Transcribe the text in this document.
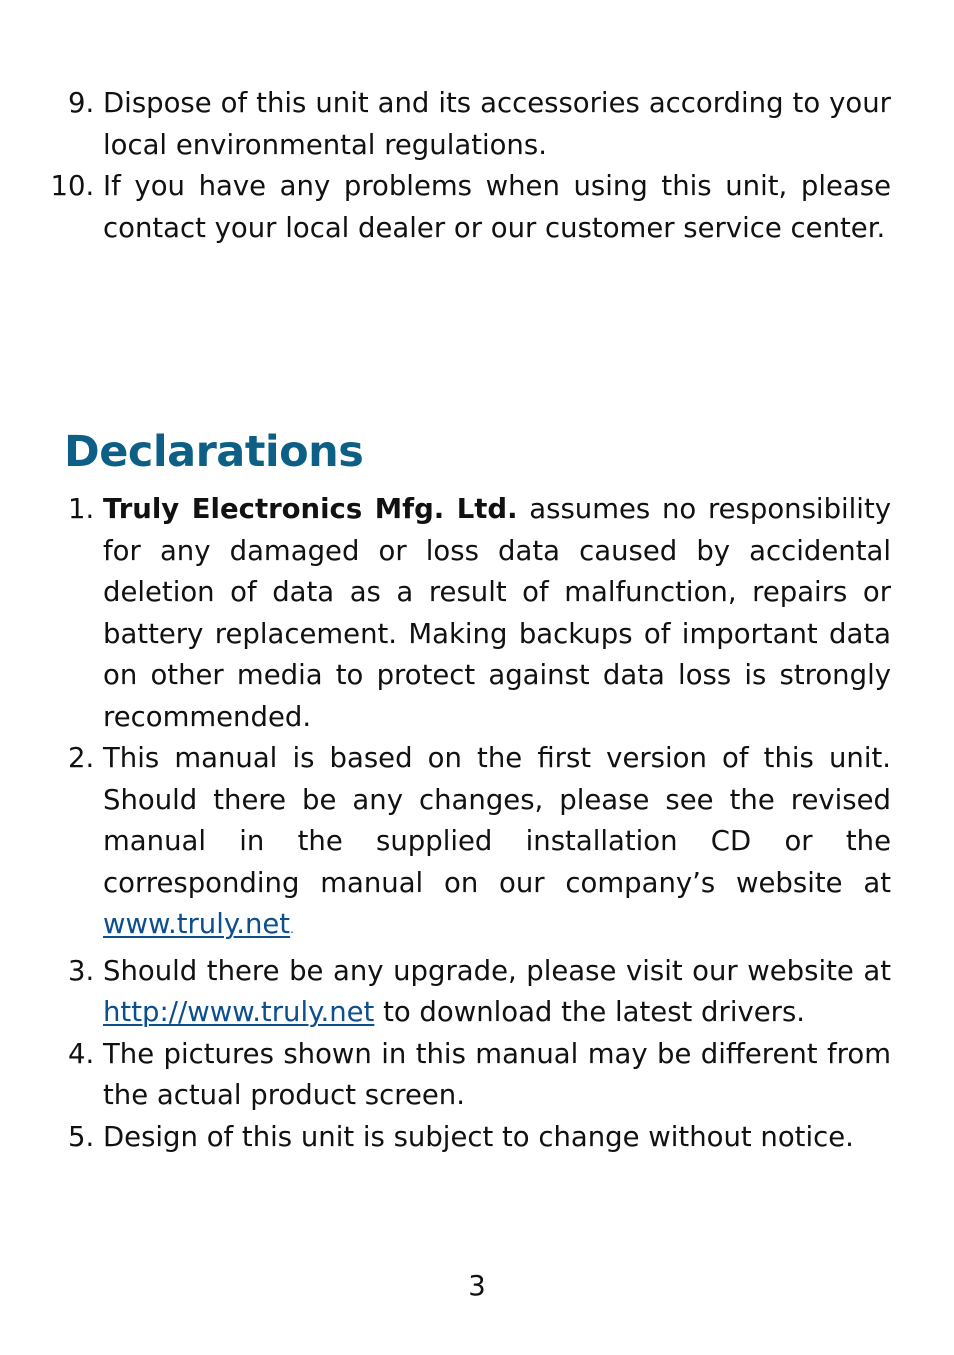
9. Dispose of this unit and its accessories according to your local environmental regulations.
10. If you have any problems when using this unit, please contact your local dealer or our customer service center.
Declarations
1. Truly Electronics Mfg. Ltd. assumes no responsibility for any damaged or loss data caused by accidental deletion of data as a result of malfunction, repairs or battery replacement. Making backups of important data on other media to protect against data loss is strongly recommended.
2. This manual is based on the first version of this unit. Should there be any changes, please see the revised manual in the supplied installation CD or the corresponding manual on our company’s website at www.truly.net.
3. Should there be any upgrade, please visit our website at http://www.truly.net to download the latest drivers.
4. The pictures shown in this manual may be different from the actual product screen.
5. Design of this unit is subject to change without notice.
3
